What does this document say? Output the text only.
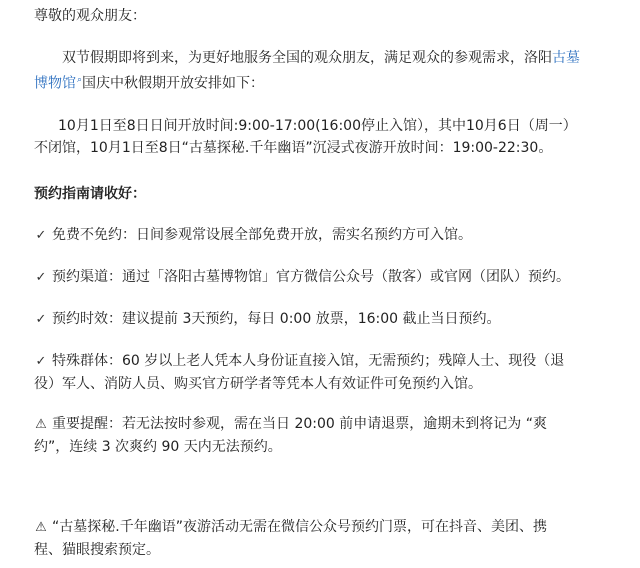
尊敬的观众朋友：
双节假期即将到来，为更好地服务全国的观众朋友，满足观众的参观需求，洛阳古墓
博物馆⌕国庆中秋假期开放安排如下：
10月1日至8日日间开放时间:9:00-17:00(16:00停止入馆），其中10月6日（周一）
不闭馆，10月1日至8日“古墓探秘.千年幽语”沉浸式夜游开放时间：19:00-22:30。
预约指南请收好：
✓ 免费不免约：日间参观常设展全部免费开放，需实名预约方可入馆。
✓ 预约渠道：通过「洛阳古墓博物馆」官方微信公众号（散客）或官网（团队）预约。
✓ 预约时效：建议提前 3天预约，每日 0:00 放票，16:00 截止当日预约。
✓ 特殊群体：60 岁以上老人凭本人身份证直接入馆，无需预约；残障人士、现役（退
役）军人、消防人员、购买官方研学者等凭本人有效证件可免预约入馆。
⚠ 重要提醒：若无法按时参观，需在当日 20:00 前申请退票，逾期未到将记为 “爽
约”，连续 3 次爽约 90 天内无法预约。
⚠ “古墓探秘.千年幽语”夜游活动无需在微信公众号预约门票，可在抖音、美团、携
程、猫眼搜索预定。
